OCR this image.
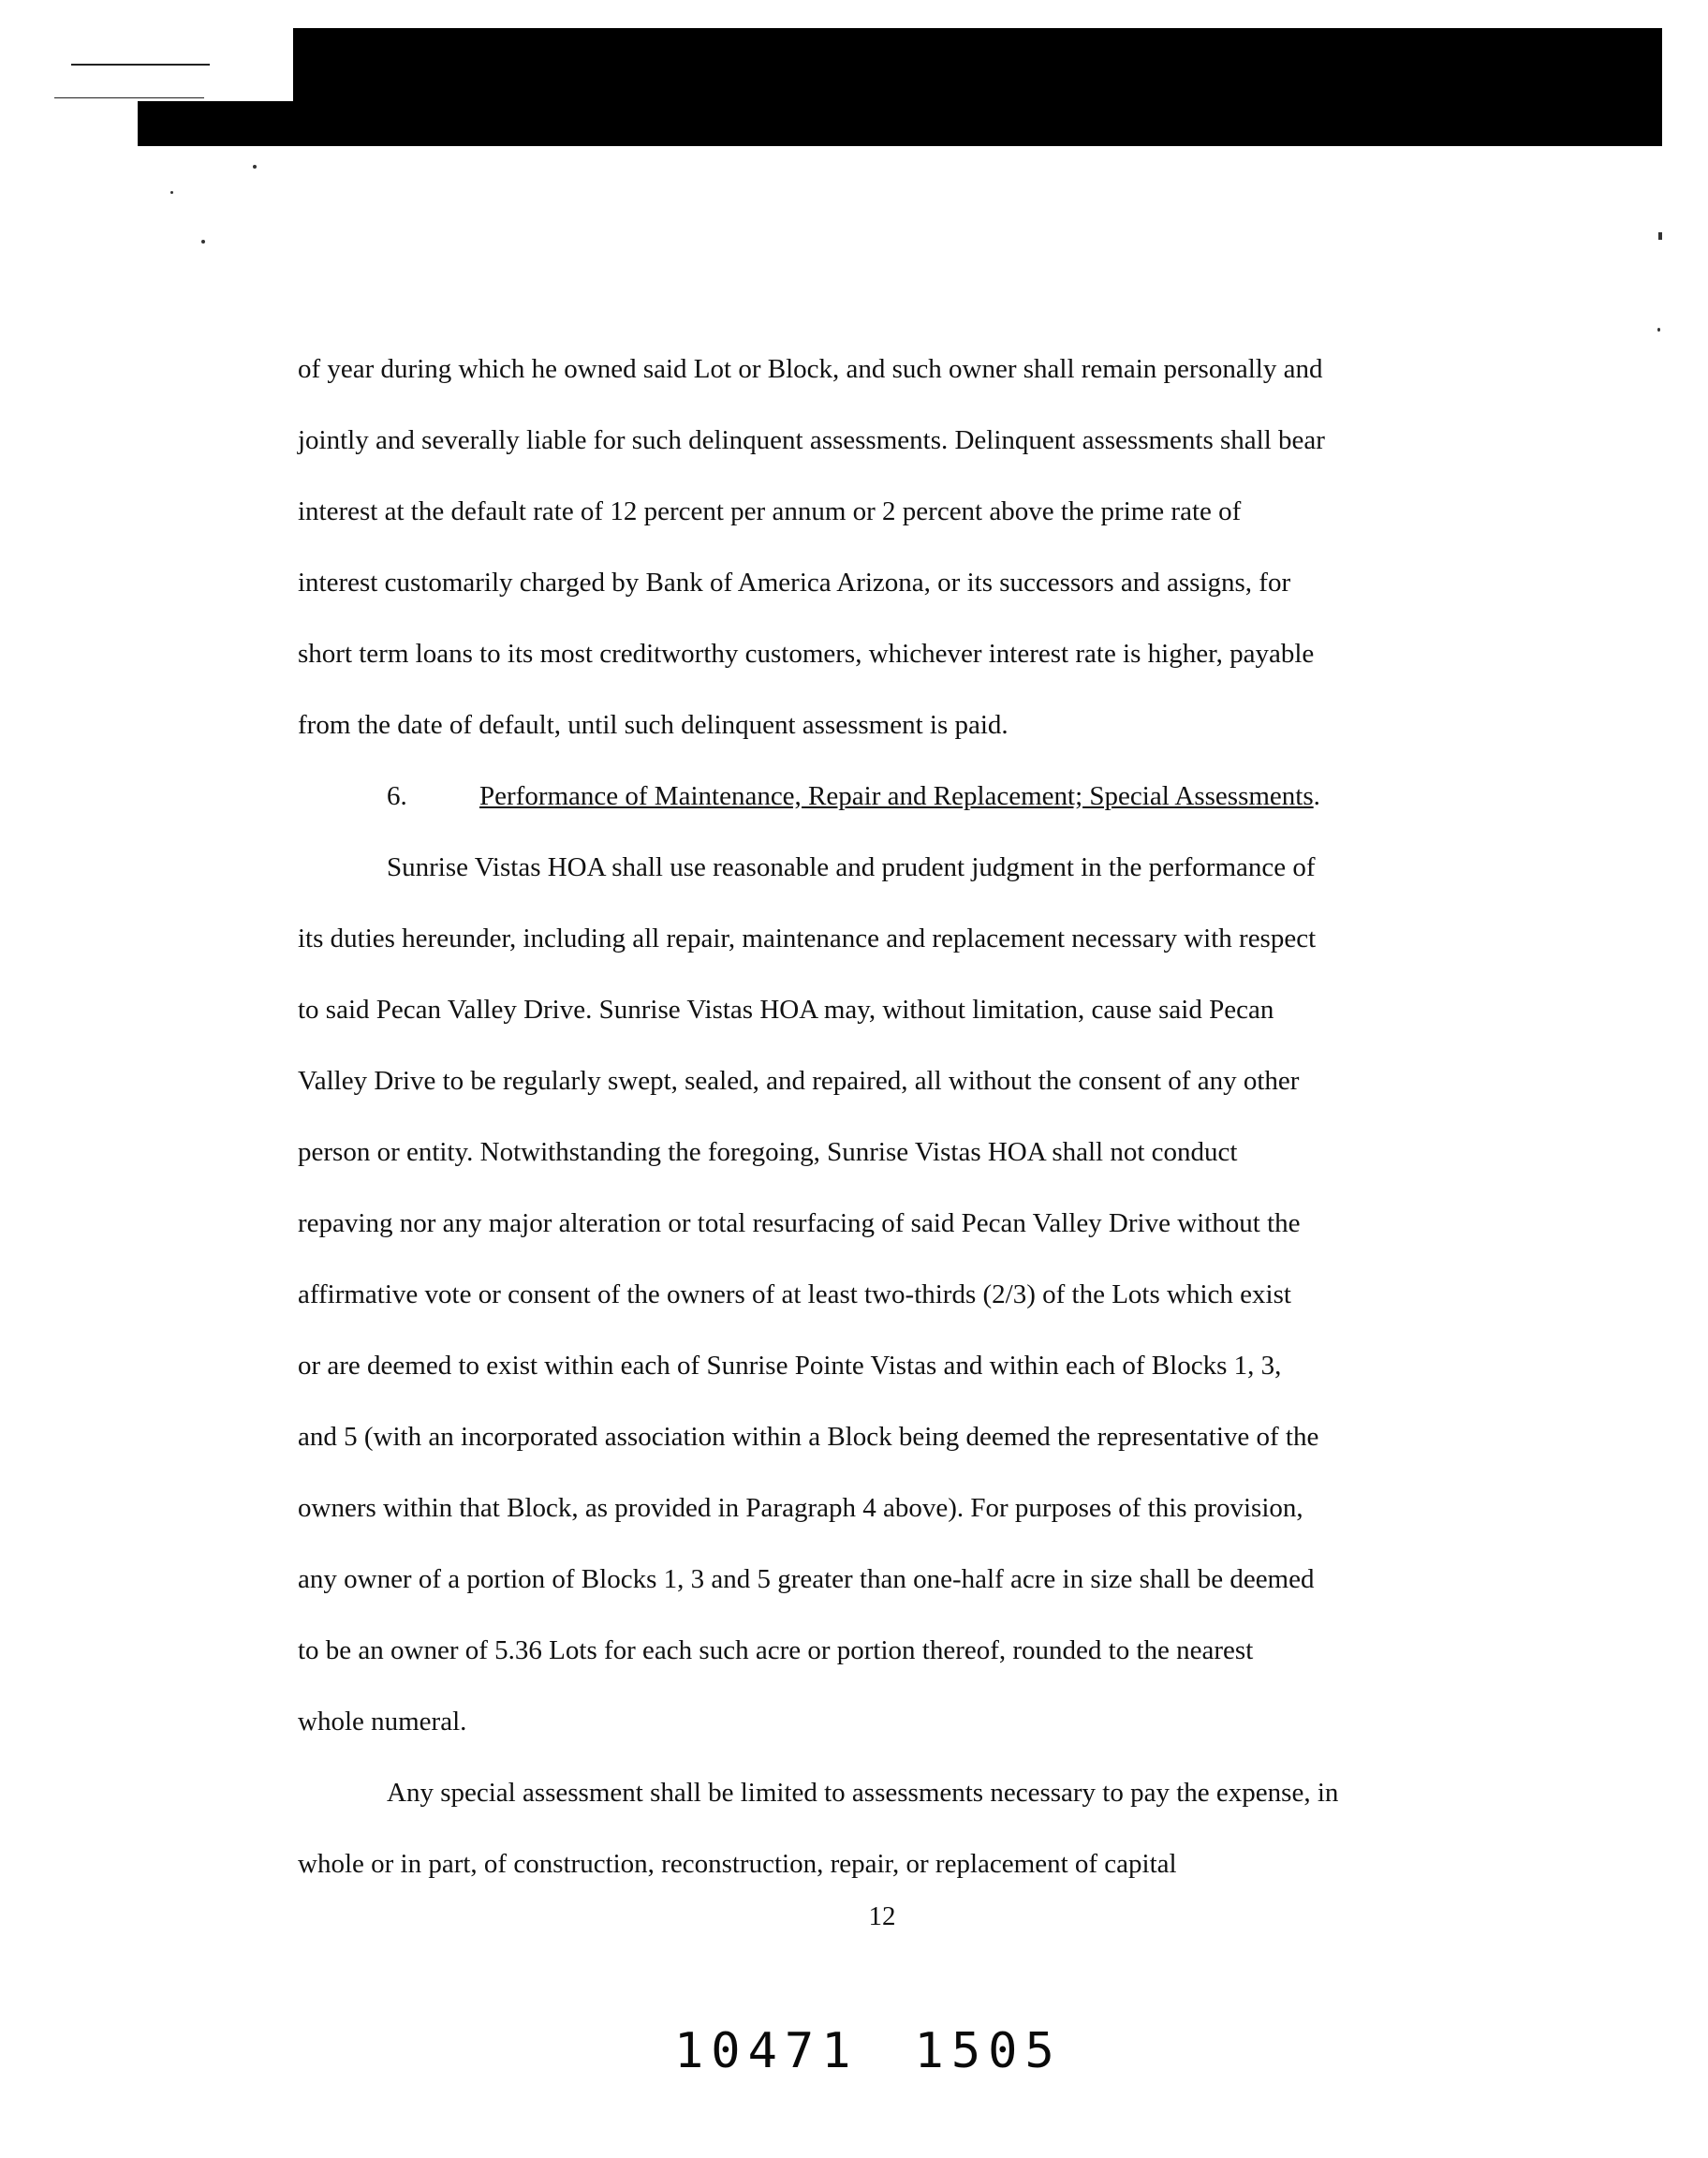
of year during which he owned said Lot or Block, and such owner shall remain personally and
jointly and severally liable for such delinquent assessments. Delinquent assessments shall bear
interest at the default rate of 12 percent per annum or 2 percent above the prime rate of
interest customarily charged by Bank of America Arizona, or its successors and assigns, for
short term loans to its most creditworthy customers, whichever interest rate is higher, payable
from the date of default, until such delinquent assessment is paid.
6.	Performance of Maintenance, Repair and Replacement; Special Assessments.
Sunrise Vistas HOA shall use reasonable and prudent judgment in the performance of
its duties hereunder, including all repair, maintenance and replacement necessary with respect
to said Pecan Valley Drive. Sunrise Vistas HOA may, without limitation, cause said Pecan
Valley Drive to be regularly swept, sealed, and repaired, all without the consent of any other
person or entity. Notwithstanding the foregoing, Sunrise Vistas HOA shall not conduct
repaving nor any major alteration or total resurfacing of said Pecan Valley Drive without the
affirmative vote or consent of the owners of at least two-thirds (2/3) of the Lots which exist
or are deemed to exist within each of Sunrise Pointe Vistas and within each of Blocks 1, 3,
and 5 (with an incorporated association within a Block being deemed the representative of the
owners within that Block, as provided in Paragraph 4 above). For purposes of this provision,
any owner of a portion of Blocks 1, 3 and 5 greater than one-half acre in size shall be deemed
to be an owner of 5.36 Lots for each such acre or portion thereof, rounded to the nearest
whole numeral.
Any special assessment shall be limited to assessments necessary to pay the expense, in
whole or in part, of construction, reconstruction, repair, or replacement of capital
12
10471 1505
